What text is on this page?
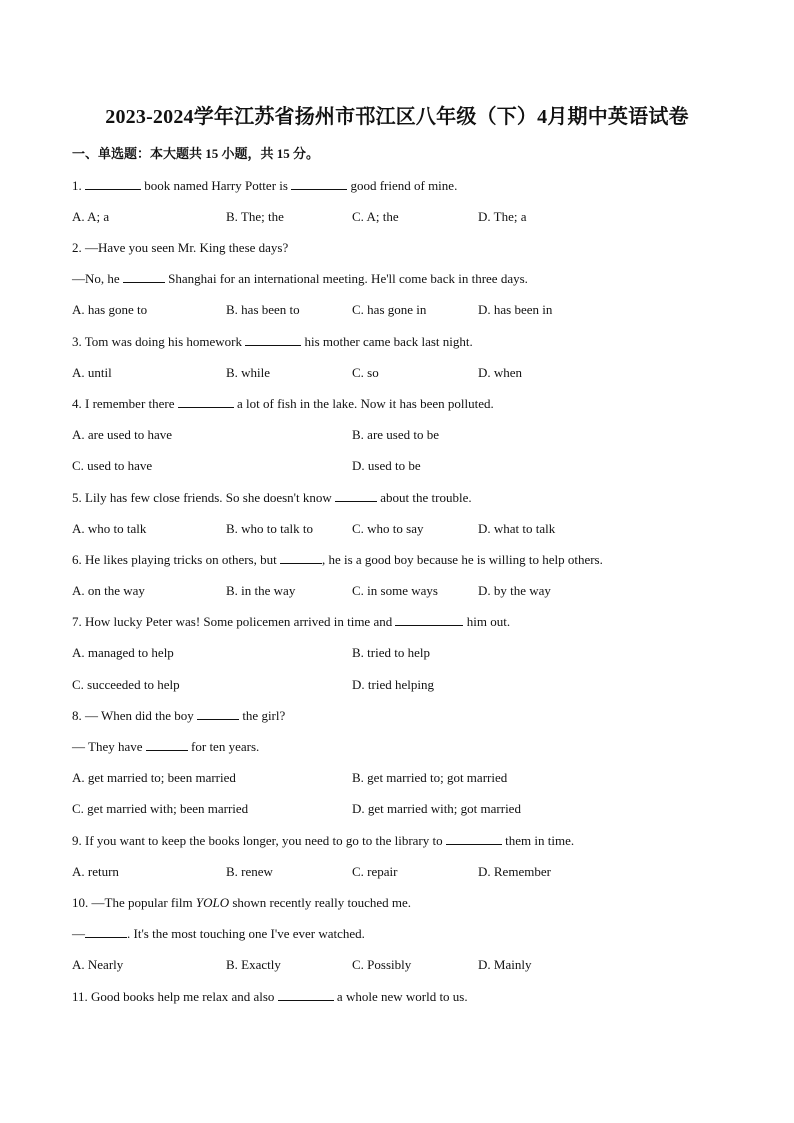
2023-2024学年江苏省扬州市邗江区八年级（下）4月期中英语试卷
一、单选题：本大题共 15 小题，共 15 分。
1.	book named Harry Potter is	good friend of mine.
A. A; a	B. The; the	C. A; the	D. The; a
2. —Have you seen Mr. King these days?
—No, he	Shanghai for an international meeting. He'll come back in three days.
A. has gone to	B. has been to	C. has gone in	D. has been in
3. Tom was doing his homework	his mother came back last night.
A. until	B. while	C. so	D. when
4. I remember there	a lot of fish in the lake. Now it has been polluted.
A. are used to have	B. are used to be
C. used to have	D. used to be
5. Lily has few close friends. So she doesn't know	about the trouble.
A. who to talk	B. who to talk to	C. who to say	D. what to talk
6. He likes playing tricks on others, but	, he is a good boy because he is willing to help others.
A. on the way	B. in the way	C. in some ways	D. by the way
7. How lucky Peter was! Some policemen arrived in time and	him out.
A. managed to help	B. tried to help
C. succeeded to help	D. tried helping
8. — When did the boy	the girl?
— They have	for ten years.
A. get married to; been married	B. get married to; got married
C. get married with; been married	D. get married with; got married
9. If you want to keep the books longer, you need to go to the library to	them in time.
A. return	B. renew	C. repair	D. Remember
10. —The popular film YOLO shown recently really touched me.
—	. It's the most touching one I've ever watched.
A. Nearly	B. Exactly	C. Possibly	D. Mainly
11. Good books help me relax and also	a whole new world to us.
